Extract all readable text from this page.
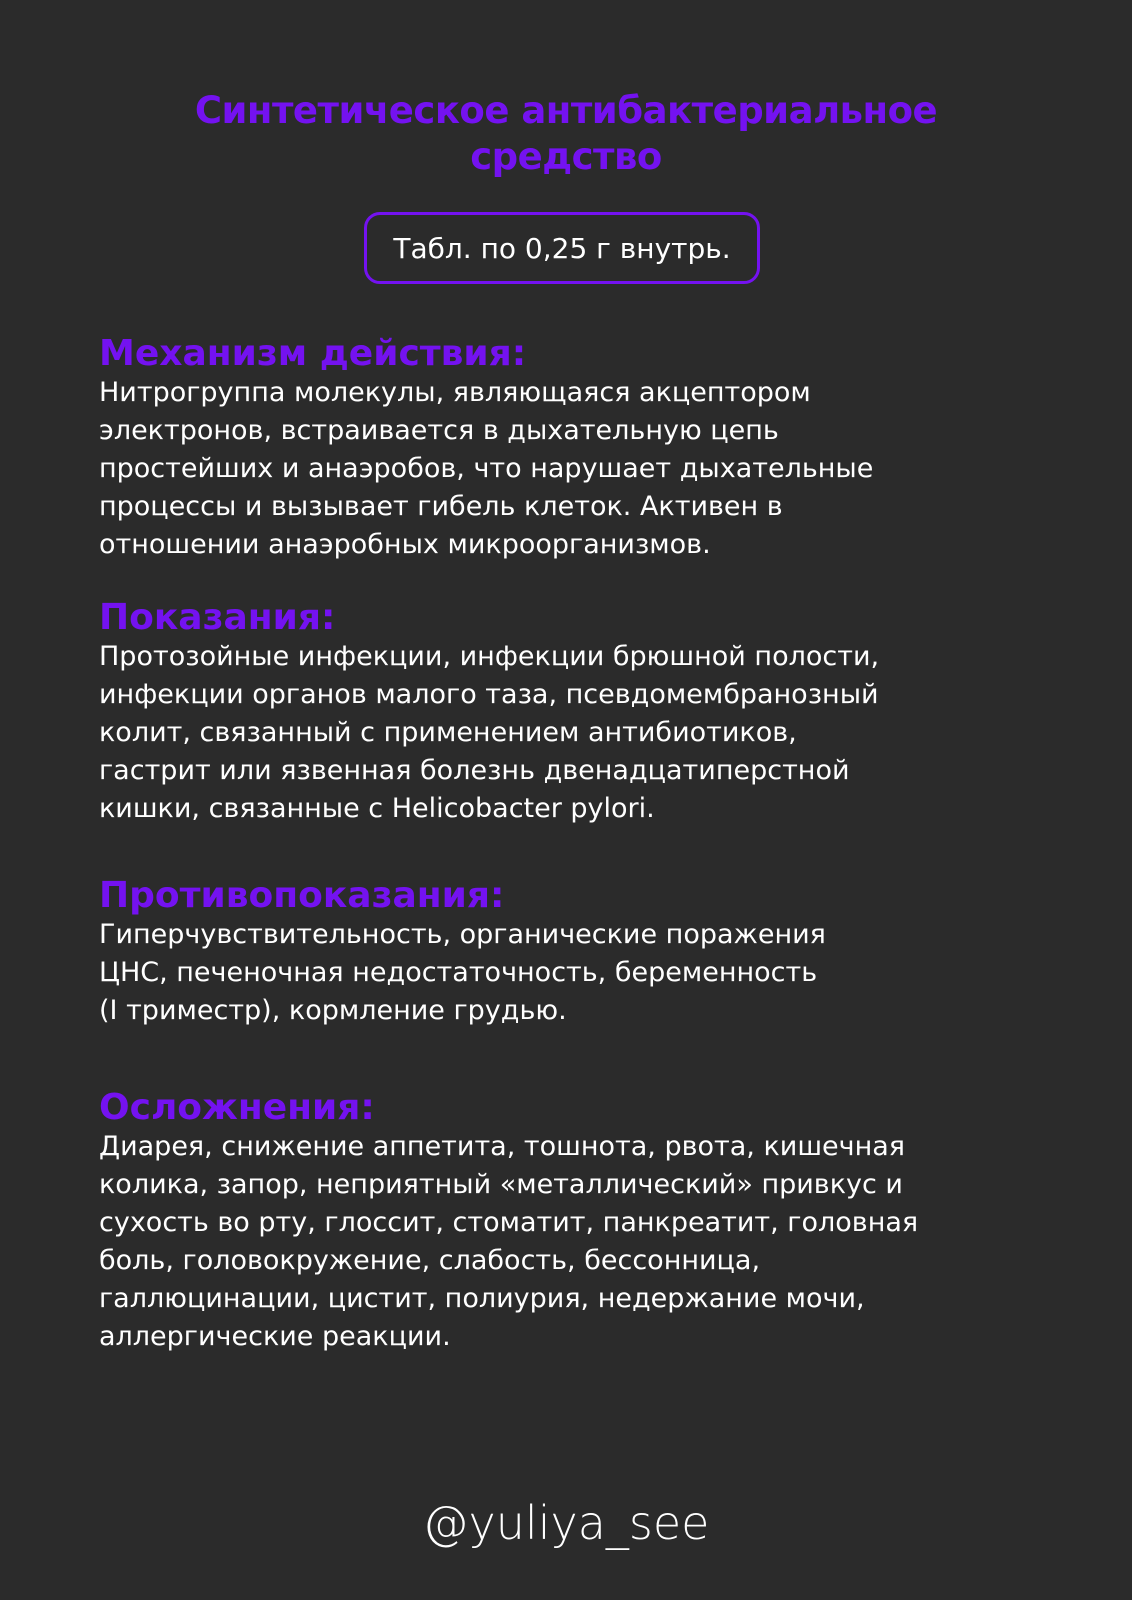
Синтетическое антибактериальное
средство
Табл. по 0,25 г внутрь.
Механизм действия:

Нитрогруппа молекулы, являющаяся акцептором
электронов, встраивается в дыхательную цепь
простейших и анаэробов, что нарушает дыхательные
процессы и вызывает гибель клеток. Активен в
отношении анаэробных микроорганизмов.

Показания:

Протозойные инфекции, инфекции брюшной полости,
инфекции органов малого таза, псевдомембранозный
колит, связанный с применением антибиотиков,
гастрит или язвенная болезнь двенадцатиперстной
кишки, связанные с Helicobacter pylori.

Противопоказания:

Гиперчувствительность, органические поражения
ЦНС, печеночная недостаточность, беременность
(I триместр), кормление грудью.

Осложнения:

Диарея, снижение аппетита, тошнота, рвота, кишечная
колика, запор, неприятный «металлический» привкус и
сухость во рту, глоссит, стоматит, панкреатит, головная
боль, головокружение, слабость, бессонница,
галлюцинации, цистит, полиурия, недержание мочи,
аллергические реакции.

@yuliya_see
